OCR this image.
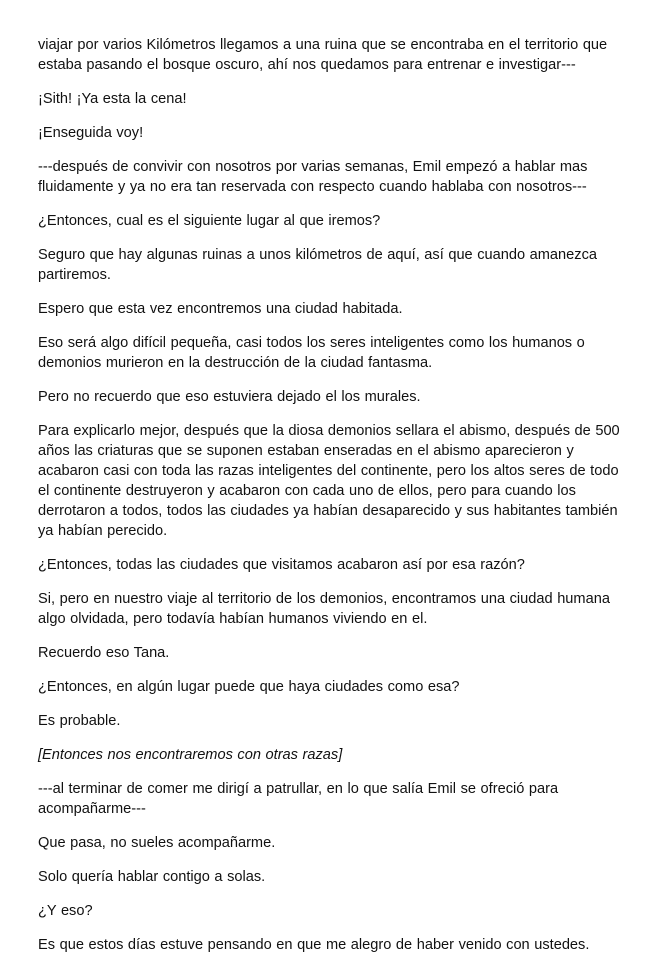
viajar por varios Kilómetros llegamos a una ruina que se encontraba en el territorio que estaba pasando el bosque oscuro, ahí nos quedamos para entrenar e investigar---

¡Sith! ¡Ya esta la cena!

¡Enseguida voy!

---después de convivir con nosotros por varias semanas, Emil empezó a hablar mas fluidamente y ya no era tan reservada con respecto cuando hablaba con nosotros---

¿Entonces, cual es el siguiente lugar al que iremos?

Seguro que hay algunas ruinas a unos kilómetros de aquí, así que cuando amanezca partiremos.

Espero que esta vez encontremos una ciudad habitada.

Eso será algo difícil pequeña, casi todos los seres inteligentes como los humanos o demonios murieron en la destrucción de la ciudad fantasma.

Pero no recuerdo que eso estuviera dejado el los murales.

Para explicarlo mejor, después que la diosa demonios sellara el abismo, después de 500 años las criaturas que se suponen estaban enseradas en el abismo aparecieron y acabaron casi con toda las razas inteligentes del continente, pero los altos seres de todo el continente destruyeron y acabaron con cada uno de ellos, pero para cuando los derrotaron a todos, todos las ciudades ya habían desaparecido y sus habitantes también ya habían perecido.

¿Entonces, todas las ciudades que visitamos acabaron así por esa razón?

Si, pero en nuestro viaje al territorio de los demonios, encontramos una ciudad humana algo olvidada, pero todavía habían humanos viviendo en el.

Recuerdo eso Tana.

¿Entonces, en algún lugar puede que haya ciudades como esa?

Es probable.

[Entonces nos encontraremos con otras razas]

---al terminar de comer me dirigí a patrullar, en lo que salía Emil se ofreció para acompañarme---

Que pasa, no sueles acompañarme.

Solo quería hablar contigo a solas.

¿Y eso?

Es que estos días estuve pensando en que me alegro de haber venido con ustedes.
